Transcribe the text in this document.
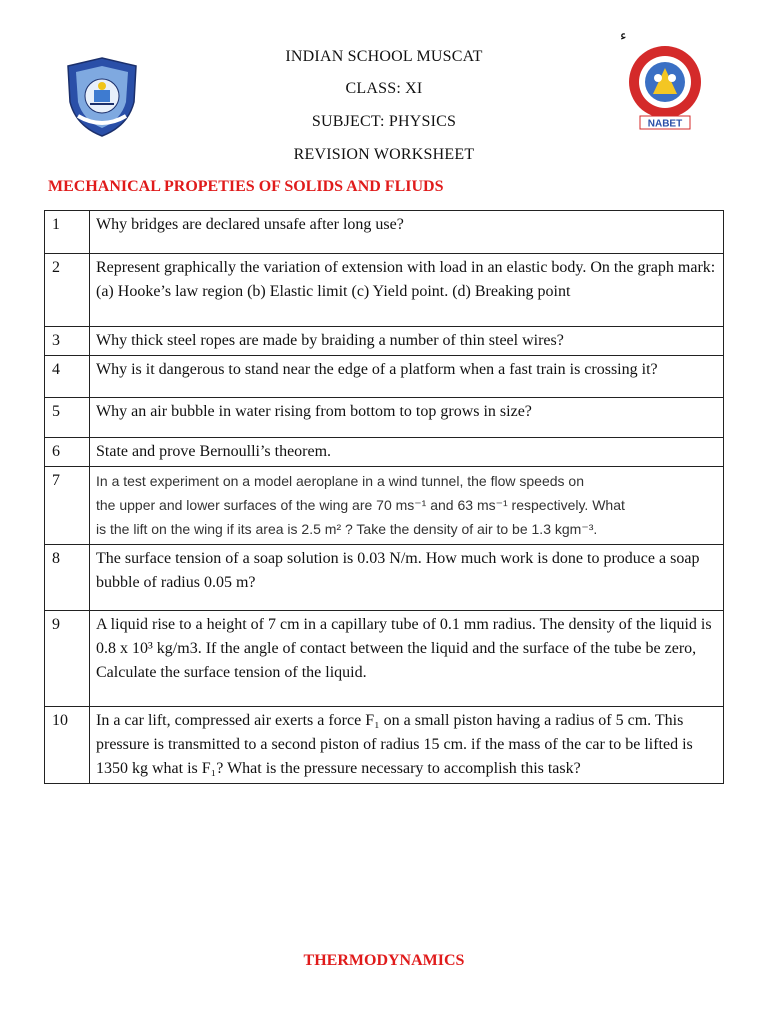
ء
INDIAN SCHOOL MUSCAT
CLASS: XI
SUBJECT: PHYSICS
REVISION WORKSHEET
NABET
MECHANICAL PROPETIES OF SOLIDS AND FLIUDS
1	Why bridges are declared unsafe after long use?
2	Represent graphically the variation of extension with load in an elastic body. On the graph mark: (a) Hooke’s law region (b) Elastic limit (c) Yield point. (d) Breaking point
3	Why thick steel ropes are made by braiding a number of thin steel wires?
4	Why is it dangerous to stand near the edge of a platform when a fast train is crossing it?
5	Why an air bubble in water rising from bottom to top grows in size?
6	State and prove Bernoulli’s theorem.
7	In a test experiment on a model aeroplane in a wind tunnel, the flow speeds on
the upper and lower surfaces of the wing are 70 ms⁻¹ and 63 ms⁻¹ respectively. What
is the lift on the wing if its area is 2.5 m² ? Take the density of air to be 1.3 kgm⁻³.

8	The surface tension of a soap solution is 0.03 N/m. How much work is done to produce a soap bubble of radius 0.05 m?
9	A liquid rise to a height of 7 cm in a capillary tube of 0.1 mm radius. The density of the liquid is 0.8 x 10³ kg/m3. If the angle of contact between the liquid and the surface of the tube be zero, Calculate the surface tension of the liquid.
10	In a car lift, compressed air exerts a force F₁ on a small piston having a radius of 5 cm. This pressure is transmitted to a second piston of radius 15 cm. if the mass of the car to be lifted is 1350 kg what is F₁? What is the pressure necessary to accomplish this task?
THERMODYNAMICS
